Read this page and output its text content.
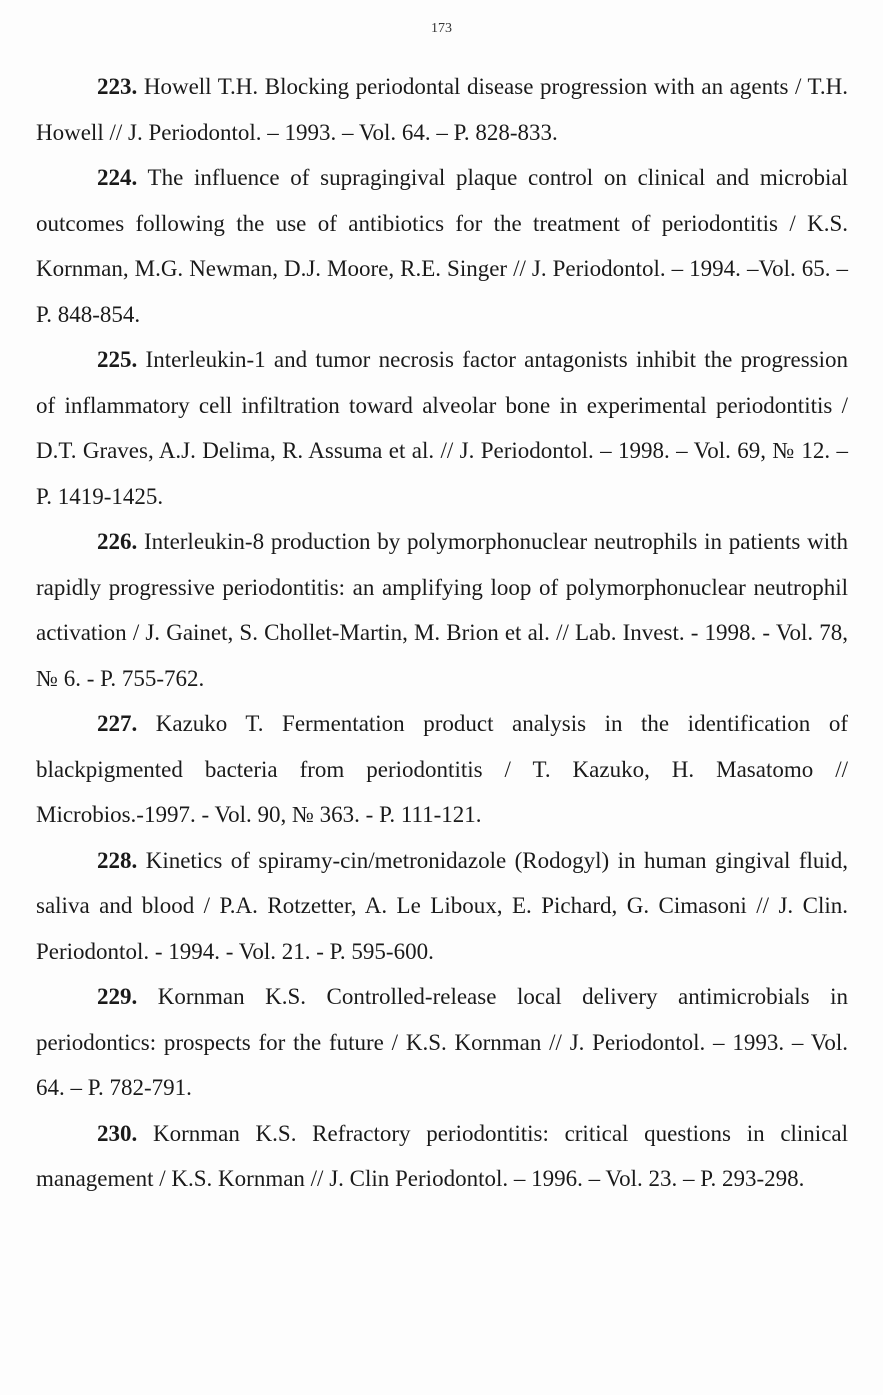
173

223. Howell T.H. Blocking periodontal disease progression with an agents / T.H. Howell // J. Periodontol. – 1993. – Vol. 64. – P. 828-833.

224. The influence of supragingival plaque control on clinical and microbial outcomes following the use of antibiotics for the treatment of periodontitis / K.S. Kornman, M.G. Newman, D.J. Moore, R.E. Singer // J. Periodontol. – 1994. –Vol. 65. – P. 848-854.

225. Interleukin-1 and tumor necrosis factor antagonists inhibit the progression of inflammatory cell infiltration toward alveolar bone in experimental periodontitis / D.T. Graves, A.J. Delima, R. Assuma et al. // J. Periodontol. – 1998. – Vol. 69, № 12. – P. 1419-1425.

226. Interleukin-8 production by polymorphonuclear neutrophils in patients with rapidly progressive periodontitis: an amplifying loop of polymorphonuclear neutrophil activation / J. Gainet, S. Chollet-Martin, M. Brion et al. // Lab. Invest. - 1998. - Vol. 78, № 6. - P. 755-762.

227. Kazuko T. Fermentation product analysis in the identification of blackpigmented bacteria from periodontitis / T. Kazuko, H. Masatomo // Microbios.-1997. - Vol. 90, № 363. - P. 111-121.

228. Kinetics of spiramy-cin/metronidazole (Rodogyl) in human gingival fluid, saliva and blood / P.A. Rotzetter, A. Le Liboux, E. Pichard, G. Cimasoni // J. Clin. Periodontol. - 1994. - Vol. 21. - P. 595-600.

229. Kornman K.S. Controlled-release local delivery antimicrobials in periodontics: prospects for the future / K.S. Kornman // J. Periodontol. – 1993. – Vol. 64. – P. 782-791.

230. Kornman K.S. Refractory periodontitis: critical questions in clinical management / K.S. Kornman // J. Clin Periodontol. – 1996. – Vol. 23. – P. 293-298.
